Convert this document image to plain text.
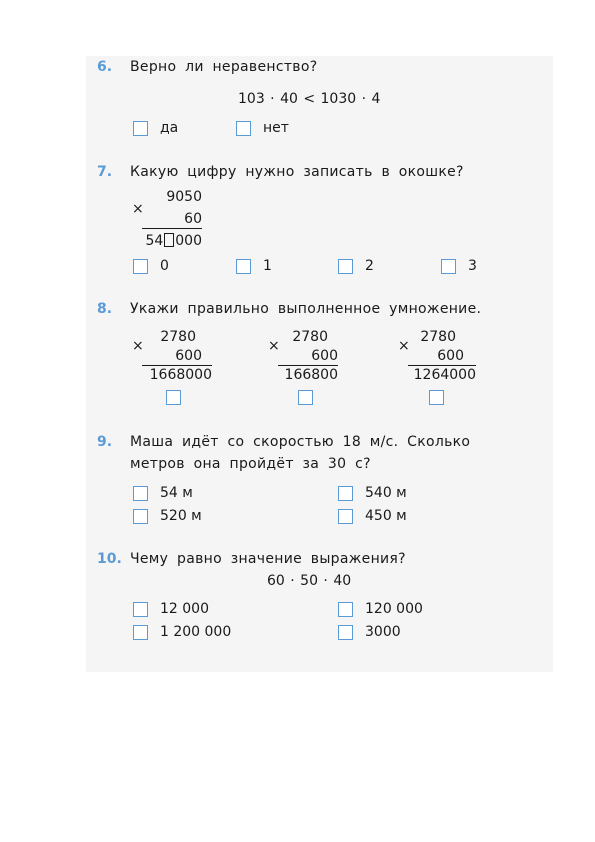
6. Верно ли неравенство?
103 · 40 < 1030 · 4
да	нет
7. Какую цифру нужно записать в окошке?
×
9050
60
54 000
0	1	2	3
8. Укажи правильно выполненное умножение.
×
2780
600
1668000
×
2780
600
166800
×
2780
600
1264000
9. Маша идёт со скоростью 18 м/с. Сколько
метров она пройдёт за 30 с?
54 м
520 м
540 м
450 м
10. Чему равно значение выражения?
60 · 50 · 40
12 000
1 200 000
120 000
3000
